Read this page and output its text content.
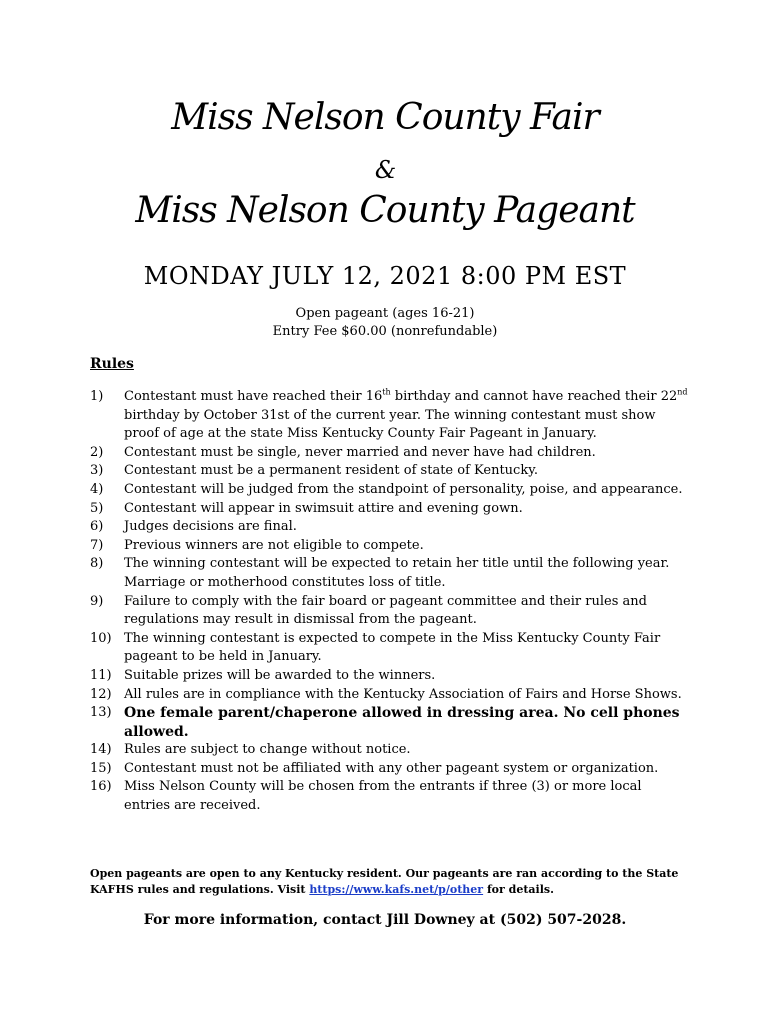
Miss Nelson County Fair
&
Miss Nelson County Pageant
MONDAY JULY 12, 2021 8:00 PM EST
Open pageant (ages 16-21)
Entry Fee $60.00 (nonrefundable)
Rules
1)	Contestant must have reached their 16th birthday and cannot have reached their 22nd birthday by October 31st of the current year. The winning contestant must show proof of age at the state Miss Kentucky County Fair Pageant in January.
2)	Contestant must be single, never married and never have had children.
3)	Contestant must be a permanent resident of state of Kentucky.
4)	Contestant will be judged from the standpoint of personality, poise, and appearance.
5)	Contestant will appear in swimsuit attire and evening gown.
6)	Judges decisions are final.
7)	Previous winners are not eligible to compete.
8)	The winning contestant will be expected to retain her title until the following year. Marriage or motherhood constitutes loss of title.
9)	Failure to comply with the fair board or pageant committee and their rules and regulations may result in dismissal from the pageant.
10) The winning contestant is expected to compete in the Miss Kentucky County Fair pageant to be held in January.
11) Suitable prizes will be awarded to the winners.
12) All rules are in compliance with the Kentucky Association of Fairs and Horse Shows.
13) One female parent/chaperone allowed in dressing area. No cell phones allowed.
14) Rules are subject to change without notice.
15) Contestant must not be affiliated with any other pageant system or organization.
16) Miss Nelson County will be chosen from the entrants if three (3) or more local entries are received.
Open pageants are open to any Kentucky resident. Our pageants are ran according to the State KAFHS rules and regulations. Visit https://www.kafs.net/p/other for details.
For more information, contact Jill Downey at (502) 507-2028.
